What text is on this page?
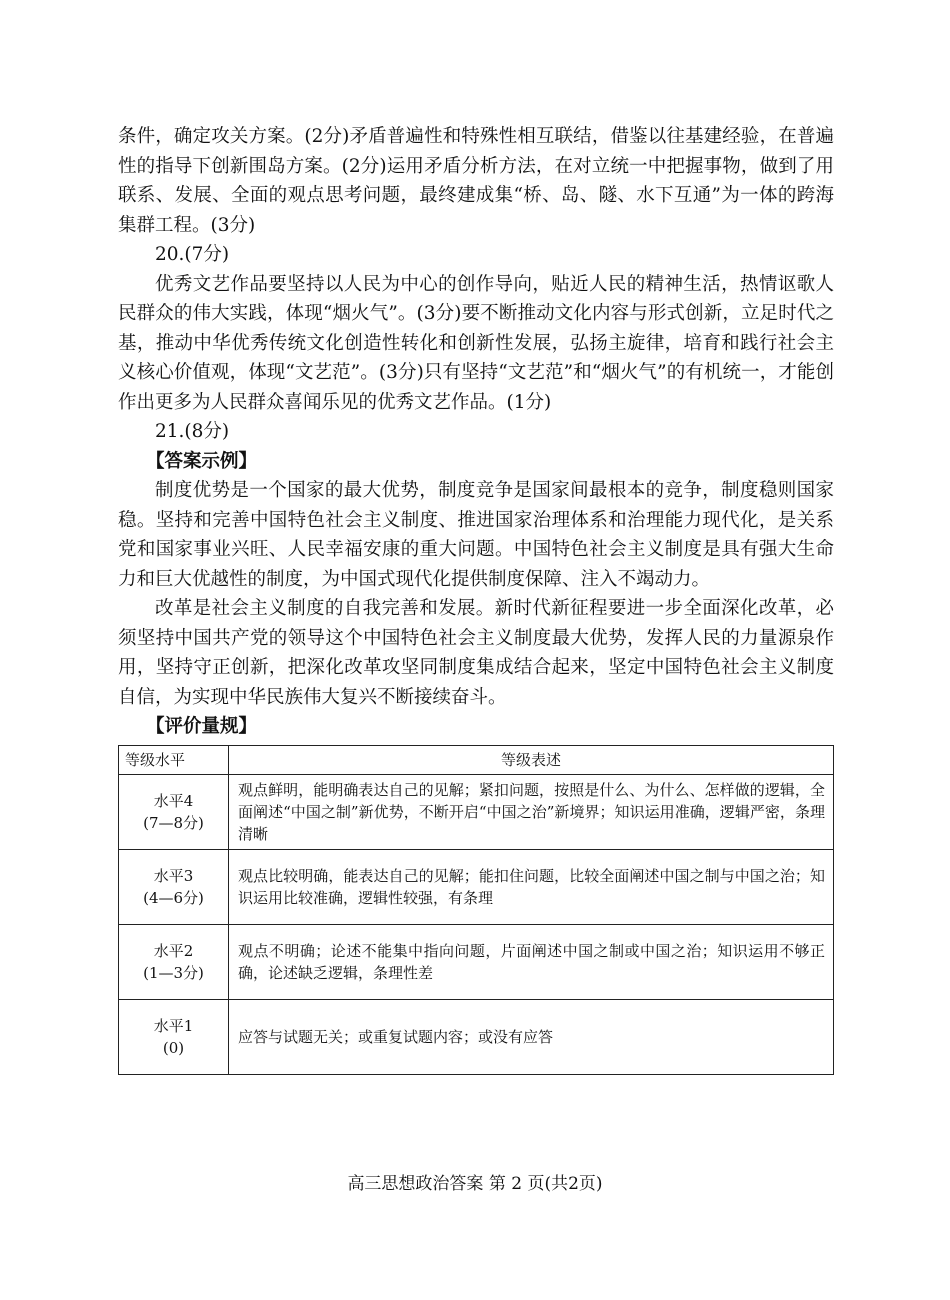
条件，确定攻关方案。(2分)矛盾普遍性和特殊性相互联结，借鉴以往基建经验，在普遍性的指导下创新围岛方案。(2分)运用矛盾分析方法，在对立统一中把握事物，做到了用联系、发展、全面的观点思考问题，最终建成集“桥、岛、隧、水下互通”为一体的跨海集群工程。(3分)

20.(7分)

优秀文艺作品要坚持以人民为中心的创作导向，贴近人民的精神生活，热情讴歌人民群众的伟大实践，体现“烟火气”。(3分)要不断推动文化内容与形式创新，立足时代之基，推动中华优秀传统文化创造性转化和创新性发展，弘扬主旋律，培育和践行社会主义核心价值观，体现“文艺范”。(3分)只有坚持“文艺范”和“烟火气”的有机统一，才能创作出更多为人民群众喜闻乐见的优秀文艺作品。(1分)

21.(8分)

【答案示例】

制度优势是一个国家的最大优势，制度竞争是国家间最根本的竞争，制度稳则国家稳。坚持和完善中国特色社会主义制度、推进国家治理体系和治理能力现代化，是关系党和国家事业兴旺、人民幸福安康的重大问题。中国特色社会主义制度是具有强大生命力和巨大优越性的制度，为中国式现代化提供制度保障、注入不竭动力。

改革是社会主义制度的自我完善和发展。新时代新征程要进一步全面深化改革，必须坚持中国共产党的领导这个中国特色社会主义制度最大优势，发挥人民的力量源泉作用，坚持守正创新，把深化改革攻坚同制度集成结合起来，坚定中国特色社会主义制度自信，为实现中华民族伟大复兴不断接续奋斗。

【评价量规】

等级水平	等级表述

水平4
(7—8分)	观点鲜明，能明确表达自己的见解；紧扣问题，按照是什么、为什么、怎样做的逻辑，全面阐述“中国之制”新优势，不断开启“中国之治”新境界；知识运用准确，逻辑严密，条理清晰

水平3
(4—6分)	观点比较明确，能表达自己的见解；能扣住问题，比较全面阐述中国之制与中国之治；知识运用比较准确，逻辑性较强，有条理

水平2
(1—3分)	观点不明确；论述不能集中指向问题，片面阐述中国之制或中国之治；知识运用不够正确，论述缺乏逻辑，条理性差

水平1
(0)	应答与试题无关；或重复试题内容；或没有应答
高三思想政治答案 第 2 页(共2页)
